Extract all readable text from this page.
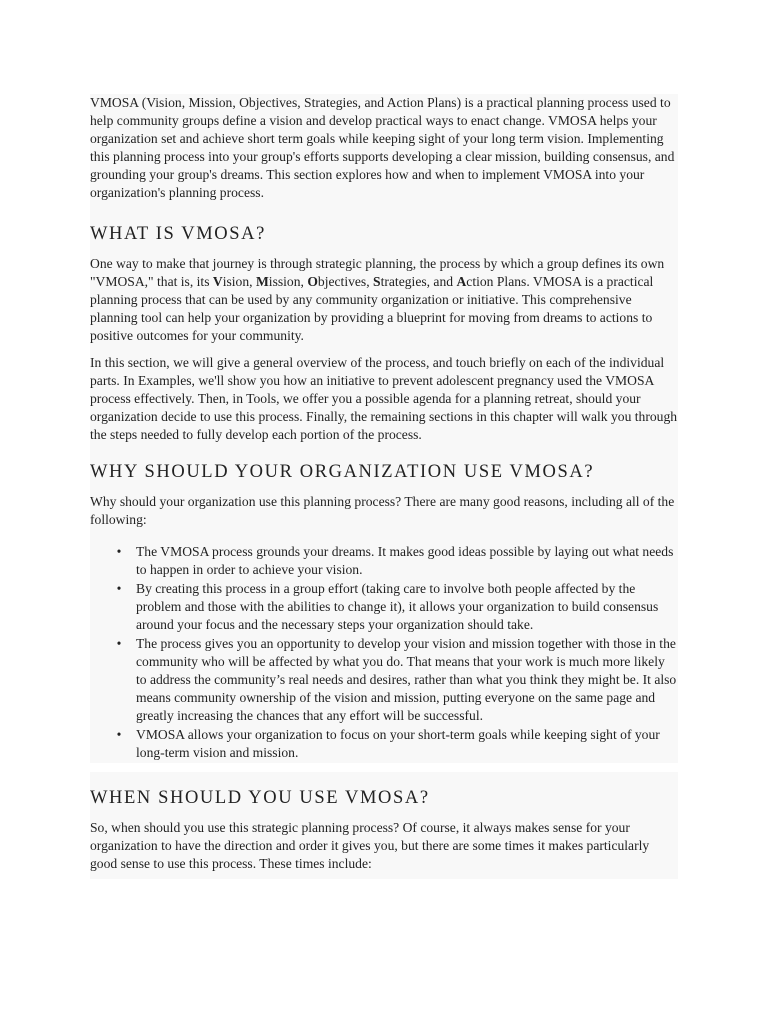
VMOSA (Vision, Mission, Objectives, Strategies, and Action Plans) is a practical planning process used to help community groups define a vision and develop practical ways to enact change. VMOSA helps your organization set and achieve short term goals while keeping sight of your long term vision. Implementing this planning process into your group's efforts supports developing a clear mission, building consensus, and grounding your group's dreams. This section explores how and when to implement VMOSA into your organization's planning process.

WHAT IS VMOSA?

One way to make that journey is through strategic planning, the process by which a group defines its own "VMOSA," that is, its Vision, Mission, Objectives, Strategies, and Action Plans. VMOSA is a practical planning process that can be used by any community organization or initiative. This comprehensive planning tool can help your organization by providing a blueprint for moving from dreams to actions to positive outcomes for your community.

In this section, we will give a general overview of the process, and touch briefly on each of the individual parts. In Examples, we'll show you how an initiative to prevent adolescent pregnancy used the VMOSA process effectively. Then, in Tools, we offer you a possible agenda for a planning retreat, should your organization decide to use this process. Finally, the remaining sections in this chapter will walk you through the steps needed to fully develop each portion of the process.

WHY SHOULD YOUR ORGANIZATION USE VMOSA?

Why should your organization use this planning process? There are many good reasons, including all of the following:

• The VMOSA process grounds your dreams. It makes good ideas possible by laying out what needs to happen in order to achieve your vision.
• By creating this process in a group effort (taking care to involve both people affected by the problem and those with the abilities to change it), it allows your organization to build consensus around your focus and the necessary steps your organization should take.
• The process gives you an opportunity to develop your vision and mission together with those in the community who will be affected by what you do. That means that your work is much more likely to address the community’s real needs and desires, rather than what you think they might be. It also means community ownership of the vision and mission, putting everyone on the same page and greatly increasing the chances that any effort will be successful.
• VMOSA allows your organization to focus on your short-term goals while keeping sight of your long-term vision and mission.
WHEN SHOULD YOU USE VMOSA?

So, when should you use this strategic planning process? Of course, it always makes sense for your organization to have the direction and order it gives you, but there are some times it makes particularly good sense to use this process. These times include:
